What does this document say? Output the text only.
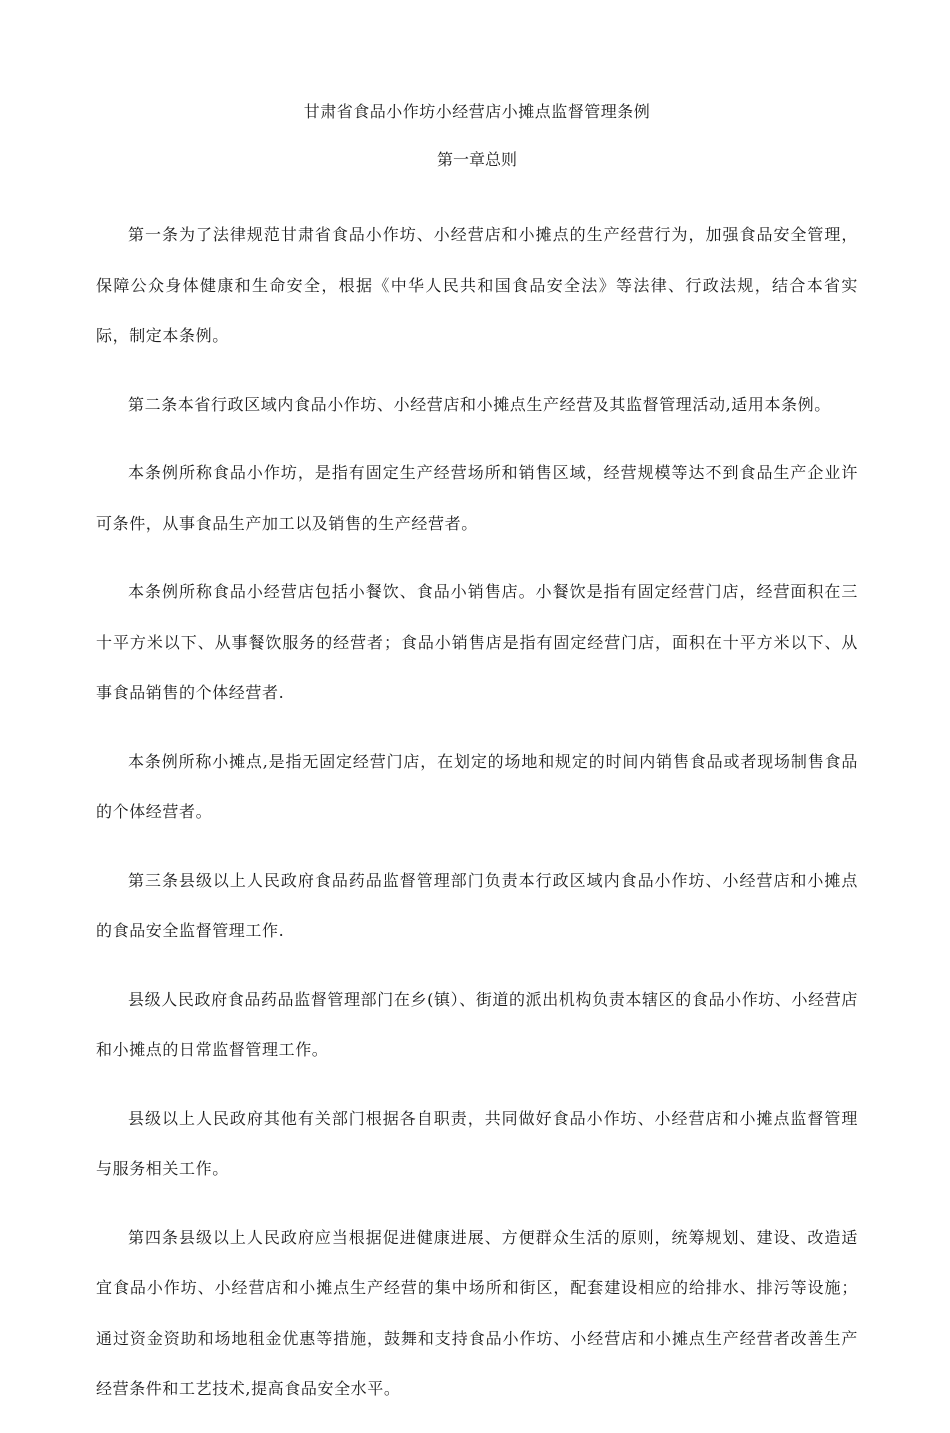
甘肃省食品小作坊小经营店小摊点监督管理条例
第一章总则

第一条为了法律规范甘肃省食品小作坊、小经营店和小摊点的生产经营行为，加强食品安全管理，保障公众身体健康和生命安全，根据《中华人民共和国食品安全法》等法律、行政法规，结合本省实际，制定本条例。

第二条本省行政区域内食品小作坊、小经营店和小摊点生产经营及其监督管理活动,适用本条例。

本条例所称食品小作坊，是指有固定生产经营场所和销售区域，经营规模等达不到食品生产企业许可条件，从事食品生产加工以及销售的生产经营者。

本条例所称食品小经营店包括小餐饮、食品小销售店。小餐饮是指有固定经营门店，经营面积在三十平方米以下、从事餐饮服务的经营者；食品小销售店是指有固定经营门店，面积在十平方米以下、从事食品销售的个体经营者.

本条例所称小摊点,是指无固定经营门店，在划定的场地和规定的时间内销售食品或者现场制售食品的个体经营者。

第三条县级以上人民政府食品药品监督管理部门负责本行政区域内食品小作坊、小经营店和小摊点的食品安全监督管理工作.

县级人民政府食品药品监督管理部门在乡(镇）、街道的派出机构负责本辖区的食品小作坊、小经营店和小摊点的日常监督管理工作。

县级以上人民政府其他有关部门根据各自职责，共同做好食品小作坊、小经营店和小摊点监督管理与服务相关工作。

第四条县级以上人民政府应当根据促进健康进展、方便群众生活的原则，统筹规划、建设、改造适宜食品小作坊、小经营店和小摊点生产经营的集中场所和街区，配套建设相应的给排水、排污等设施；通过资金资助和场地租金优惠等措施，鼓舞和支持食品小作坊、小经营店和小摊点生产经营者改善生产经营条件和工艺技术,提高食品安全水平。
